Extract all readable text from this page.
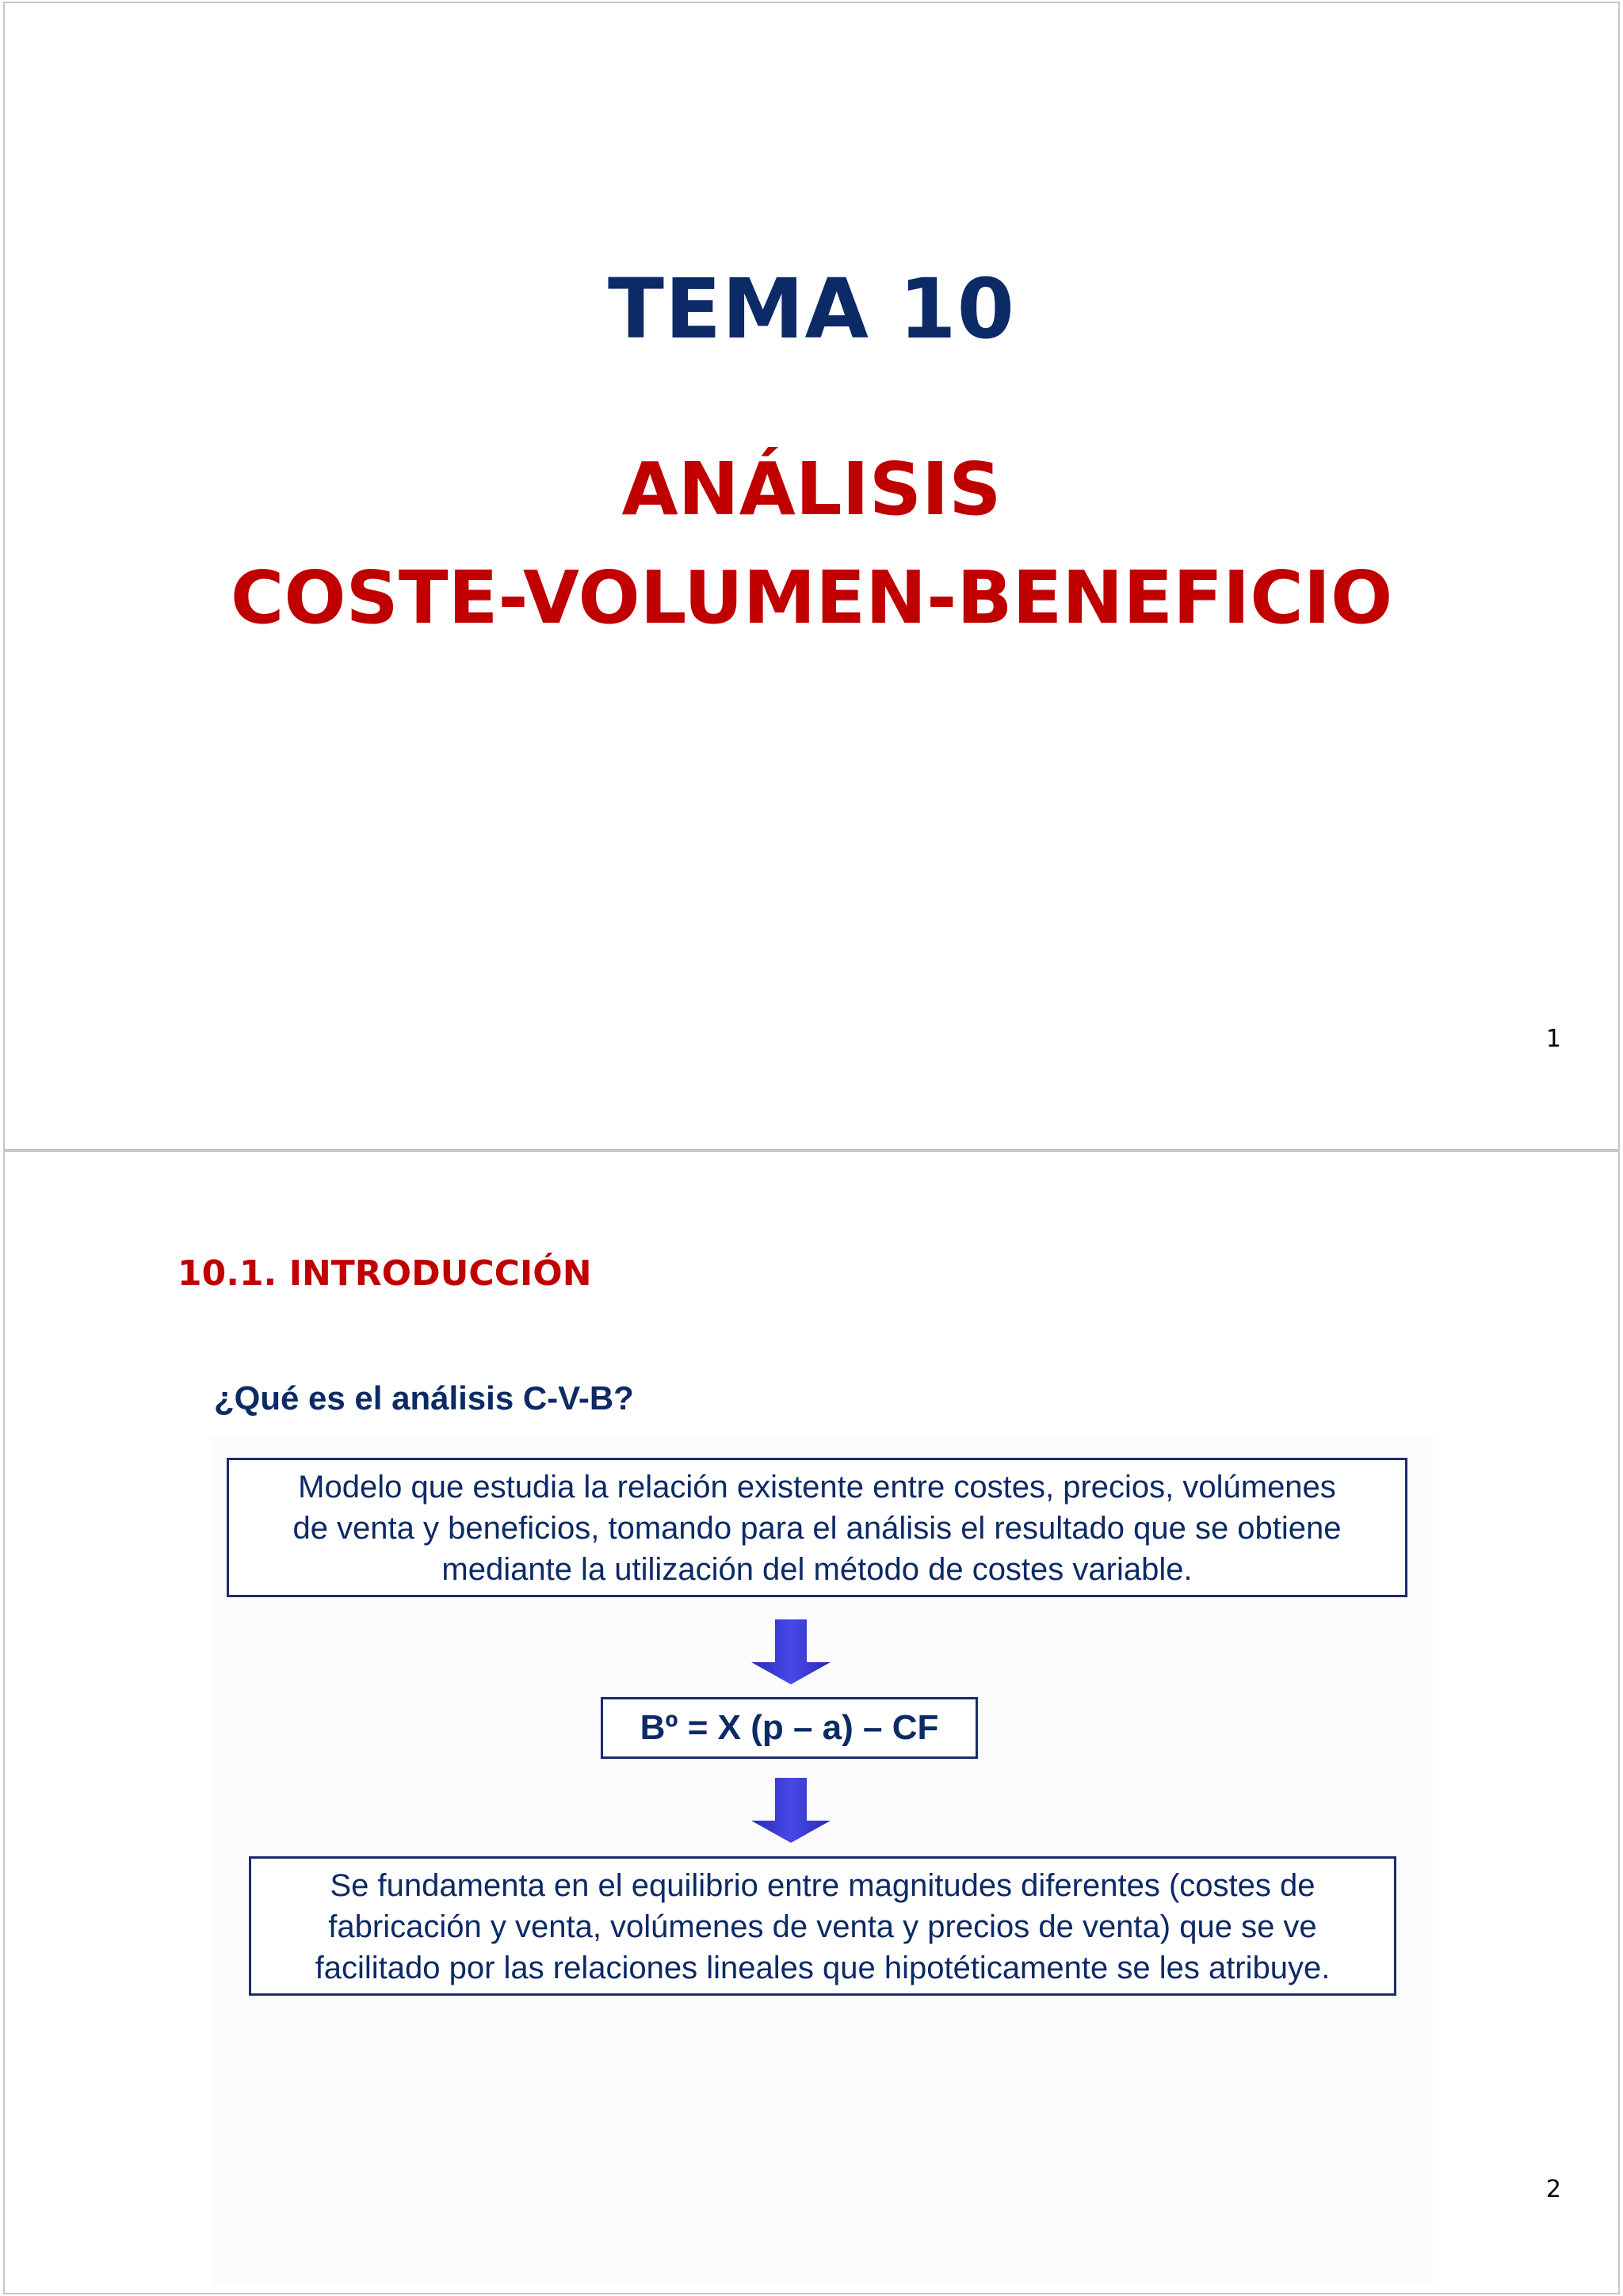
TEMA 10
ANÁLISIS
COSTE-VOLUMEN-BENEFICIO
1
10.1. INTRODUCCIÓN
¿Qué es el análisis C-V-B?
Modelo que estudia la relación existente entre costes, precios, volúmenes
de venta y beneficios, tomando para el análisis el resultado que se obtiene
mediante la utilización del método de costes variable.
Bº = X (p – a) – CF
Se fundamenta en el equilibrio entre magnitudes diferentes (costes de
fabricación y venta, volúmenes de venta y precios de venta) que se ve
facilitado por las relaciones lineales que hipotéticamente se les atribuye.
2
